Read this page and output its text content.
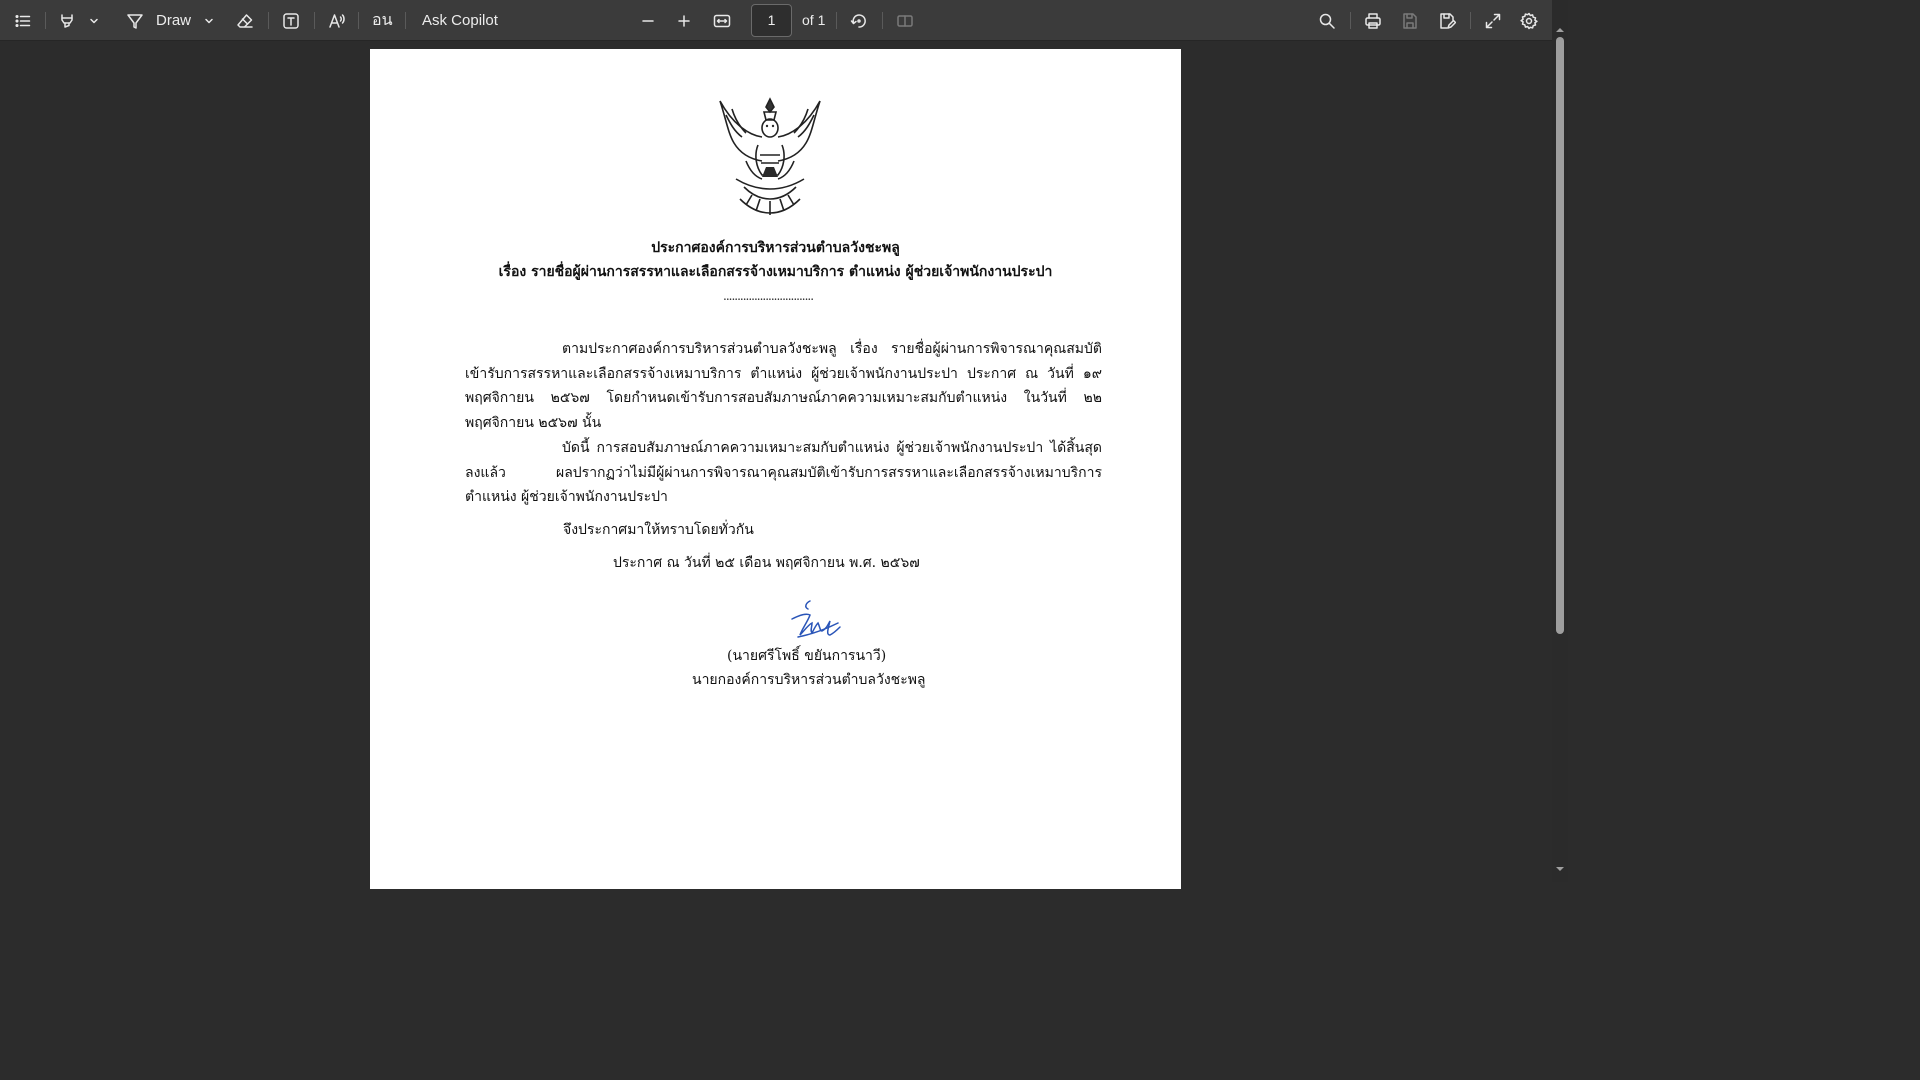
Draw	อน Ask Copilot	1	of 1
ประกาศองค์การบริหารส่วนตำบลวังชะพลู
เรื่อง รายชื่อผู้ผ่านการสรรหาและเลือกสรรจ้างเหมาบริการ ตำแหน่ง ผู้ช่วยเจ้าพนักงานประปา
................................

ตามประกาศองค์การบริหารส่วนตำบลวังชะพลู เรื่อง รายชื่อผู้ผ่านการพิจารณาคุณสมบัติเข้ารับการสรรหาและเลือกสรรจ้างเหมาบริการ ตำแหน่ง ผู้ช่วยเจ้าพนักงานประปา ประกาศ ณ วันที่ ๑๙ พฤศจิกายน ๒๕๖๗ โดยกำหนดเข้ารับการสอบสัมภาษณ์ภาคความเหมาะสมกับตำแหน่ง ในวันที่ ๒๒ พฤศจิกายน ๒๕๖๗ นั้น

บัดนี้ การสอบสัมภาษณ์ภาคความเหมาะสมกับตำแหน่ง ผู้ช่วยเจ้าพนักงานประปา ได้สิ้นสุดลงแล้ว ผลปรากฏว่าไม่มีผู้ผ่านการพิจารณาคุณสมบัติเข้ารับการสรรหาและเลือกสรรจ้างเหมาบริการ ตำแหน่ง ผู้ช่วยเจ้าพนักงานประปา

จึงประกาศมาให้ทราบโดยทั่วกัน
ประกาศ ณ วันที่ ๒๕ เดือน พฤศจิกายน พ.ศ. ๒๕๖๗
(นายศรีโพธิ์ ขยันการนาวี)
นายกองค์การบริหารส่วนตำบลวังชะพลู
